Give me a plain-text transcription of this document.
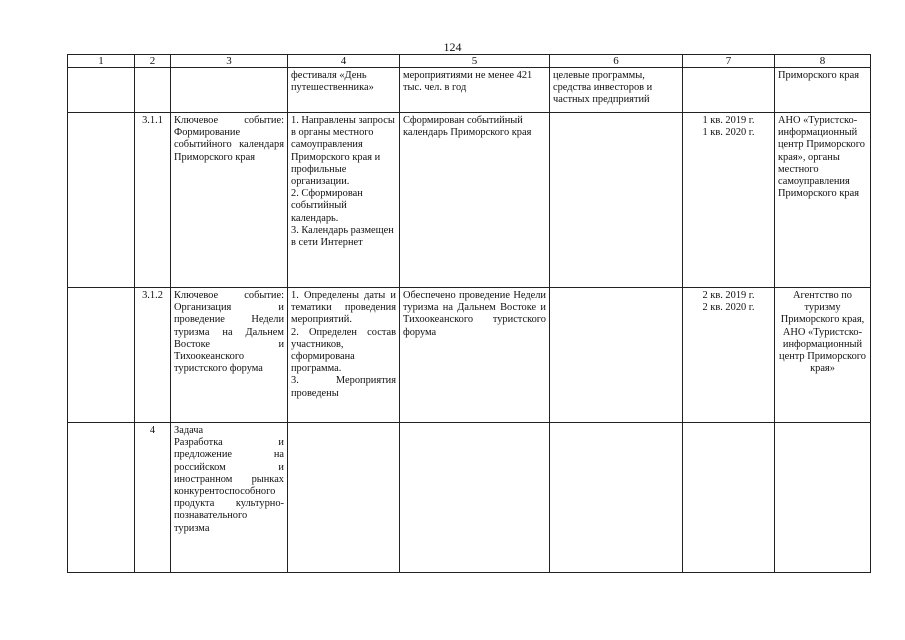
124
1	2	3	4	5	6	7	8
			фестиваля «День путешественника»	мероприятиями не менее 421 тыс. чел. в год	целевые программы, средства инвесторов и частных предприятий		Приморского края
	3.1.1	Ключевое событие: Формирование событийного календаря Приморского края	1. Направлены запросы в органы местного самоуправления Приморского края и профильные организации.
2. Сформирован событийный календарь.
3. Календарь размещен в сети Интернет	Сформирован событийный календарь Приморского края		1 кв. 2019 г.
1 кв. 2020 г.	АНО «Туристско-информационный центр Приморского края», органы местного самоуправления Приморского края
	3.1.2	Ключевое событие: Организация и проведение Недели туризма на Дальнем Востоке и Тихоокеанского туристского форума	1. Определены даты и тематики проведения мероприятий.
2. Определен состав участников, сформирована программа.
3. Мероприятия проведены	Обеспечено проведение Недели туризма на Дальнем Востоке и Тихоокеанского туристского форума		2 кв. 2019 г.
2 кв. 2020 г.	Агентство по туризму Приморского края,
АНО «Туристско-информационный центр Приморского края»
	4	Задача
Разработка и предложение на российском и иностранном рынках конкурентоспособного продукта культурно-познавательного туризма					
